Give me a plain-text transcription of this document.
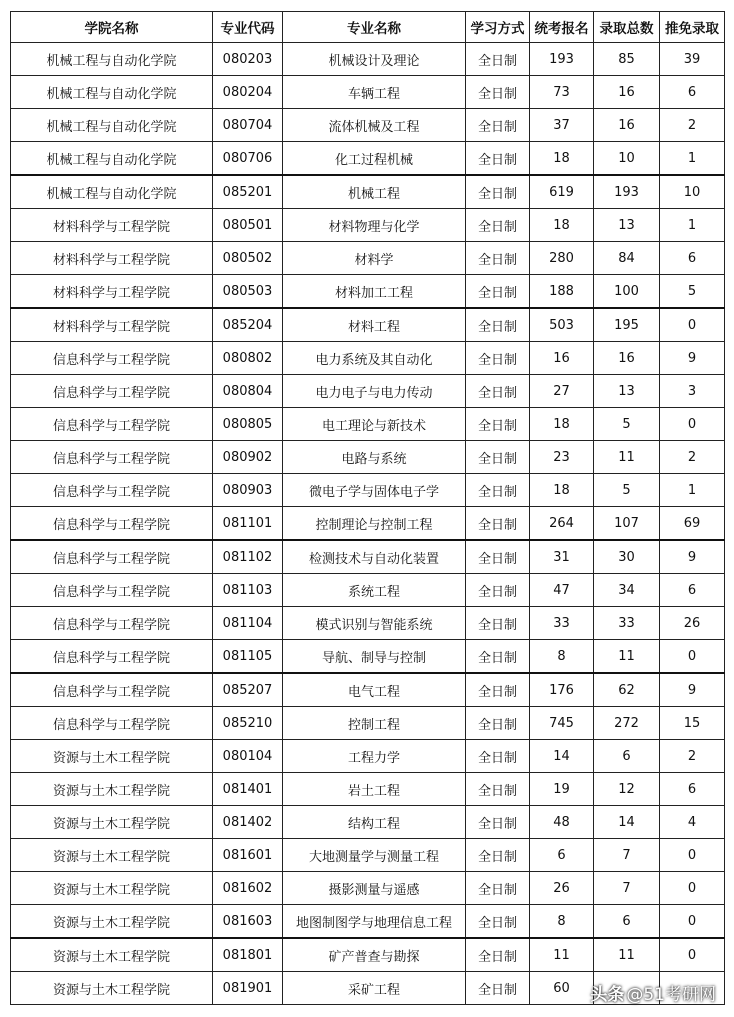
学院名称	专业代码	专业名称	学习方式	统考报名	录取总数	推免录取
机械工程与自动化学院	080203	机械设计及理论	全日制	193	85	39
机械工程与自动化学院	080204	车辆工程	全日制	73	16	6
机械工程与自动化学院	080704	流体机械及工程	全日制	37	16	2
机械工程与自动化学院	080706	化工过程机械	全日制	18	10	1
机械工程与自动化学院	085201	机械工程	全日制	619	193	10
材料科学与工程学院	080501	材料物理与化学	全日制	18	13	1
材料科学与工程学院	080502	材料学	全日制	280	84	6
材料科学与工程学院	080503	材料加工工程	全日制	188	100	5
材料科学与工程学院	085204	材料工程	全日制	503	195	0
信息科学与工程学院	080802	电力系统及其自动化	全日制	16	16	9
信息科学与工程学院	080804	电力电子与电力传动	全日制	27	13	3
信息科学与工程学院	080805	电工理论与新技术	全日制	18	5	0
信息科学与工程学院	080902	电路与系统	全日制	23	11	2
信息科学与工程学院	080903	微电子学与固体电子学	全日制	18	5	1
信息科学与工程学院	081101	控制理论与控制工程	全日制	264	107	69
信息科学与工程学院	081102	检测技术与自动化装置	全日制	31	30	9
信息科学与工程学院	081103	系统工程	全日制	47	34	6
信息科学与工程学院	081104	模式识别与智能系统	全日制	33	33	26
信息科学与工程学院	081105	导航、制导与控制	全日制	8	11	0
信息科学与工程学院	085207	电气工程	全日制	176	62	9
信息科学与工程学院	085210	控制工程	全日制	745	272	15
资源与土木工程学院	080104	工程力学	全日制	14	6	2
资源与土木工程学院	081401	岩土工程	全日制	19	12	6
资源与土木工程学院	081402	结构工程	全日制	48	14	4
资源与土木工程学院	081601	大地测量学与测量工程	全日制	6	7	0
资源与土木工程学院	081602	摄影测量与遥感	全日制	26	7	0
资源与土木工程学院	081603	地图制图学与地理信息工程	全日制	8	6	0
资源与土木工程学院	081801	矿产普查与勘探	全日制	11	11	0
资源与土木工程学院	081901	采矿工程	全日制	60		头条 @51考研网
